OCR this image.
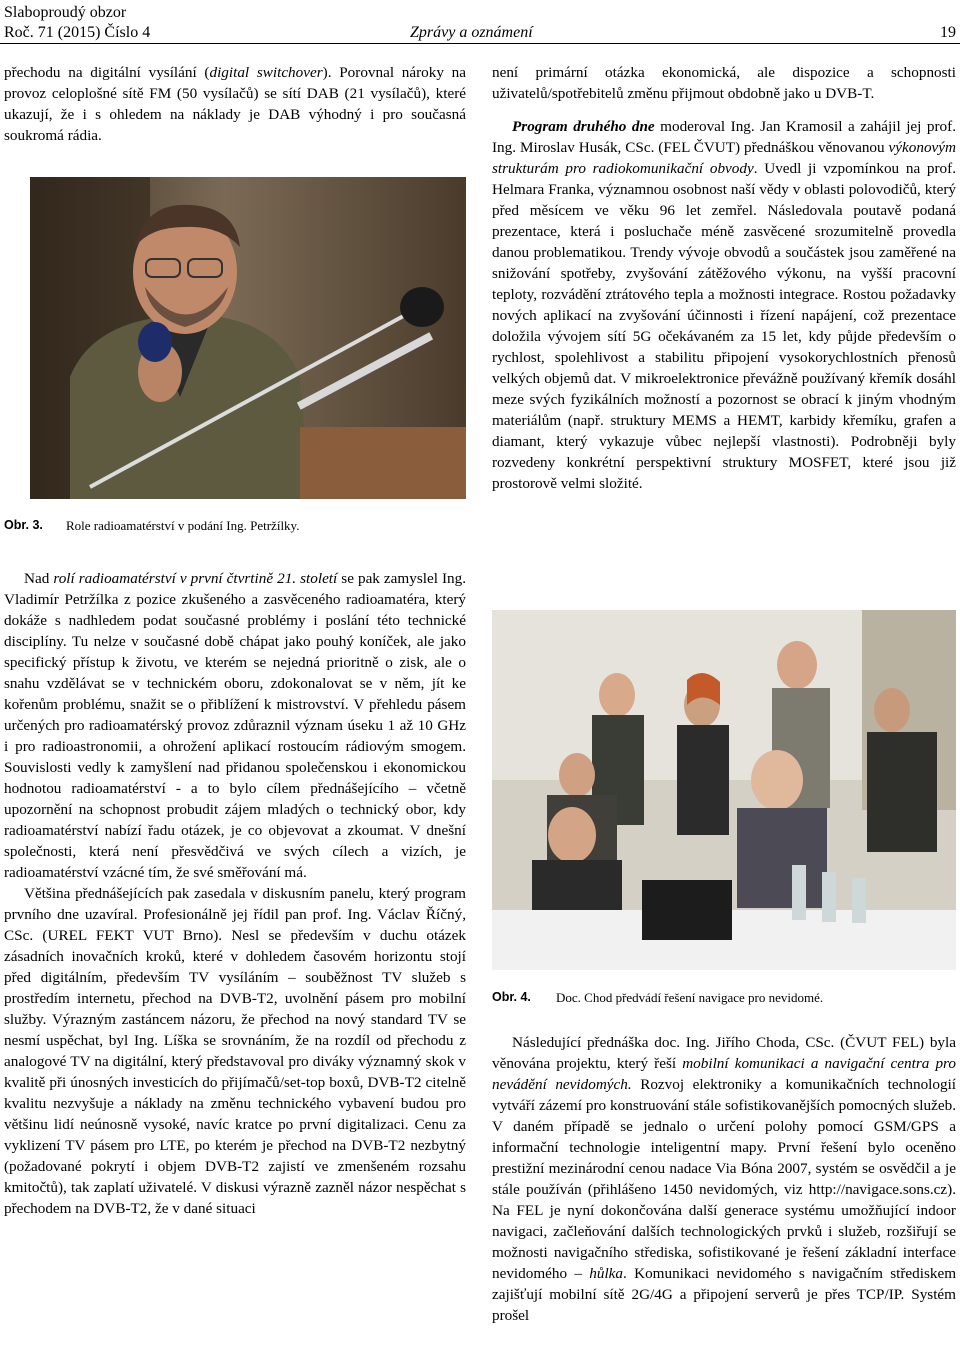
Slaboproudý obzor
Roč. 71 (2015) Číslo 4	Zprávy a oznámení	19

přechodu na digitální vysílání (digital switchover). Porovnal nároky na provoz celoplošné sítě FM (50 vysílačů) se sítí DAB (21 vysílačů), které ukazují, že i s ohledem na náklady je DAB výhodný i pro současná soukromá rádia.

Obr. 3. Role radioamatérství v podání Ing. Petržílky.

Nad rolí radioamatérství v první čtvrtině 21. století se pak zamyslel Ing. Vladimír Petržílka z pozice zkušeného a zasvěceného radioamatéra, který dokáže s nadhledem podat současné problémy i poslání této technické disciplíny. Tu nelze v současné době chápat jako pouhý koníček, ale jako specifický přístup k životu, ve kterém se nejedná prioritně o zisk, ale o snahu vzdělávat se v technickém oboru, zdokonalovat se v něm, jít ke kořenům problému, snažit se o přiblížení k mistrovství. V přehledu pásem určených pro radioamatérský provoz zdůraznil význam úseku 1 až 10 GHz i pro radioastronomii, a ohrožení aplikací rostoucím rádiovým smogem. Souvislosti vedly k zamyšlení nad přidanou společenskou i ekonomickou hodnotou radioamatérství - a to bylo cílem přednášejícího – včetně upozornění na schopnost probudit zájem mladých o technický obor, kdy radioamatérství nabízí řadu otázek, je co objevovat a zkoumat. V dnešní společnosti, která není přesvědčivá ve svých cílech a vizích, je radioamatérství vzácné tím, že své směřování má.

Většina přednášejících pak zasedala v diskusním panelu, který program prvního dne uzavíral. Profesionálně jej řídil pan prof. Ing. Václav Říčný, CSc. (UREL FEKT VUT Brno). Nesl se především v duchu otázek zásadních inovačních kroků, které v dohledem časovém horizontu stojí před digitálním, především TV vysíláním – souběžnost TV služeb s prostředím internetu, přechod na DVB-T2, uvolnění pásem pro mobilní služby. Výrazným zastáncem názoru, že přechod na nový standard TV se nesmí uspěchat, byl Ing. Líška se srovnáním, že na rozdíl od přechodu z analogové TV na digitální, který představoval pro diváky významný skok v kvalitě při únosných investicích do přijímačů/set-top boxů, DVB-T2 citelně kvalitu nezvyšuje a náklady na změnu technického vybavení budou pro většinu lidí neúnosně vysoké, navíc kratce po první digitalizaci. Cenu za vyklizení TV pásem pro LTE, po kterém je přechod na DVB-T2 nezbytný (požadované pokrytí i objem DVB-T2 zajistí ve zmenšeném rozsahu kmitočtů), tak zaplatí uživatelé. V diskusi výrazně zazněl názor nespěchat s přechodem na DVB-T2, že v dané situaci

není primární otázka ekonomická, ale dispozice a schopnosti uživatelů/spotřebitelů změnu přijmout obdobně jako u DVB-T.

Program druhého dne moderoval Ing. Jan Kramosil a zahájil jej prof. Ing. Miroslav Husák, CSc. (FEL ČVUT) přednáškou věnovanou výkonovým strukturám pro radiokomunikační obvody. Uvedl ji vzpomínkou na prof. Helmara Franka, významnou osobnost naší vědy v oblasti polovodičů, který před měsícem ve věku 96 let zemřel. Následovala poutavě podaná prezentace, která i posluchače méně zasvěcené srozumitelně provedla danou problematikou. Trendy vývoje obvodů a součástek jsou zaměřené na snižování spotřeby, zvyšování zátěžového výkonu, na vyšší pracovní teploty, rozvádění ztrátového tepla a možnosti integrace. Rostou požadavky nových aplikací na zvyšování účinnosti i řízení napájení, což prezentace doložila vývojem sítí 5G očekávaném za 15 let, kdy půjde především o rychlost, spolehlivost a stabilitu připojení vysokorychlostních přenosů velkých objemů dat. V mikroelektronice převážně používaný křemík dosáhl meze svých fyzikálních možností a pozornost se obrací k jiným vhodným materiálům (např. struktury MEMS a HEMT, karbidy křemíku, grafen a diamant, který vykazuje vůbec nejlepší vlastnosti). Podrobněji byly rozvedeny konkrétní perspektivní struktury MOSFET, které jsou již prostorově velmi složité.

Obr. 4. Doc. Chod předvádí řešení navigace pro nevidomé.

Následující přednáška doc. Ing. Jiřího Choda, CSc. (ČVUT FEL) byla věnována projektu, který řeší mobilní komunikaci a navigační centra pro nevádění nevidomých. Rozvoj elektroniky a komunikačních technologií vytváří zázemí pro konstruování stále sofistikovanějších pomocných služeb. V daném případě se jednalo o určení polohy pomocí GSM/GPS a informační technologie inteligentní mapy. První řešení bylo oceněno prestižní mezinárodní cenou nadace Via Bóna 2007, systém se osvědčil a je stále používán (přihlášeno 1450 nevidomých, viz http://navigace.sons.cz). Na FEL je nyní dokončována další generace systému umožňující indoor navigaci, začleňování dalších technologických prvků i služeb, rozšiřují se možnosti navigačního střediska, sofistikované je řešení základní interface nevidomého – hůlka. Komunikaci nevidomého s navigačním střediskem zajišťují mobilní sítě 2G/4G a připojení serverů je přes TCP/IP. Systém prošel
